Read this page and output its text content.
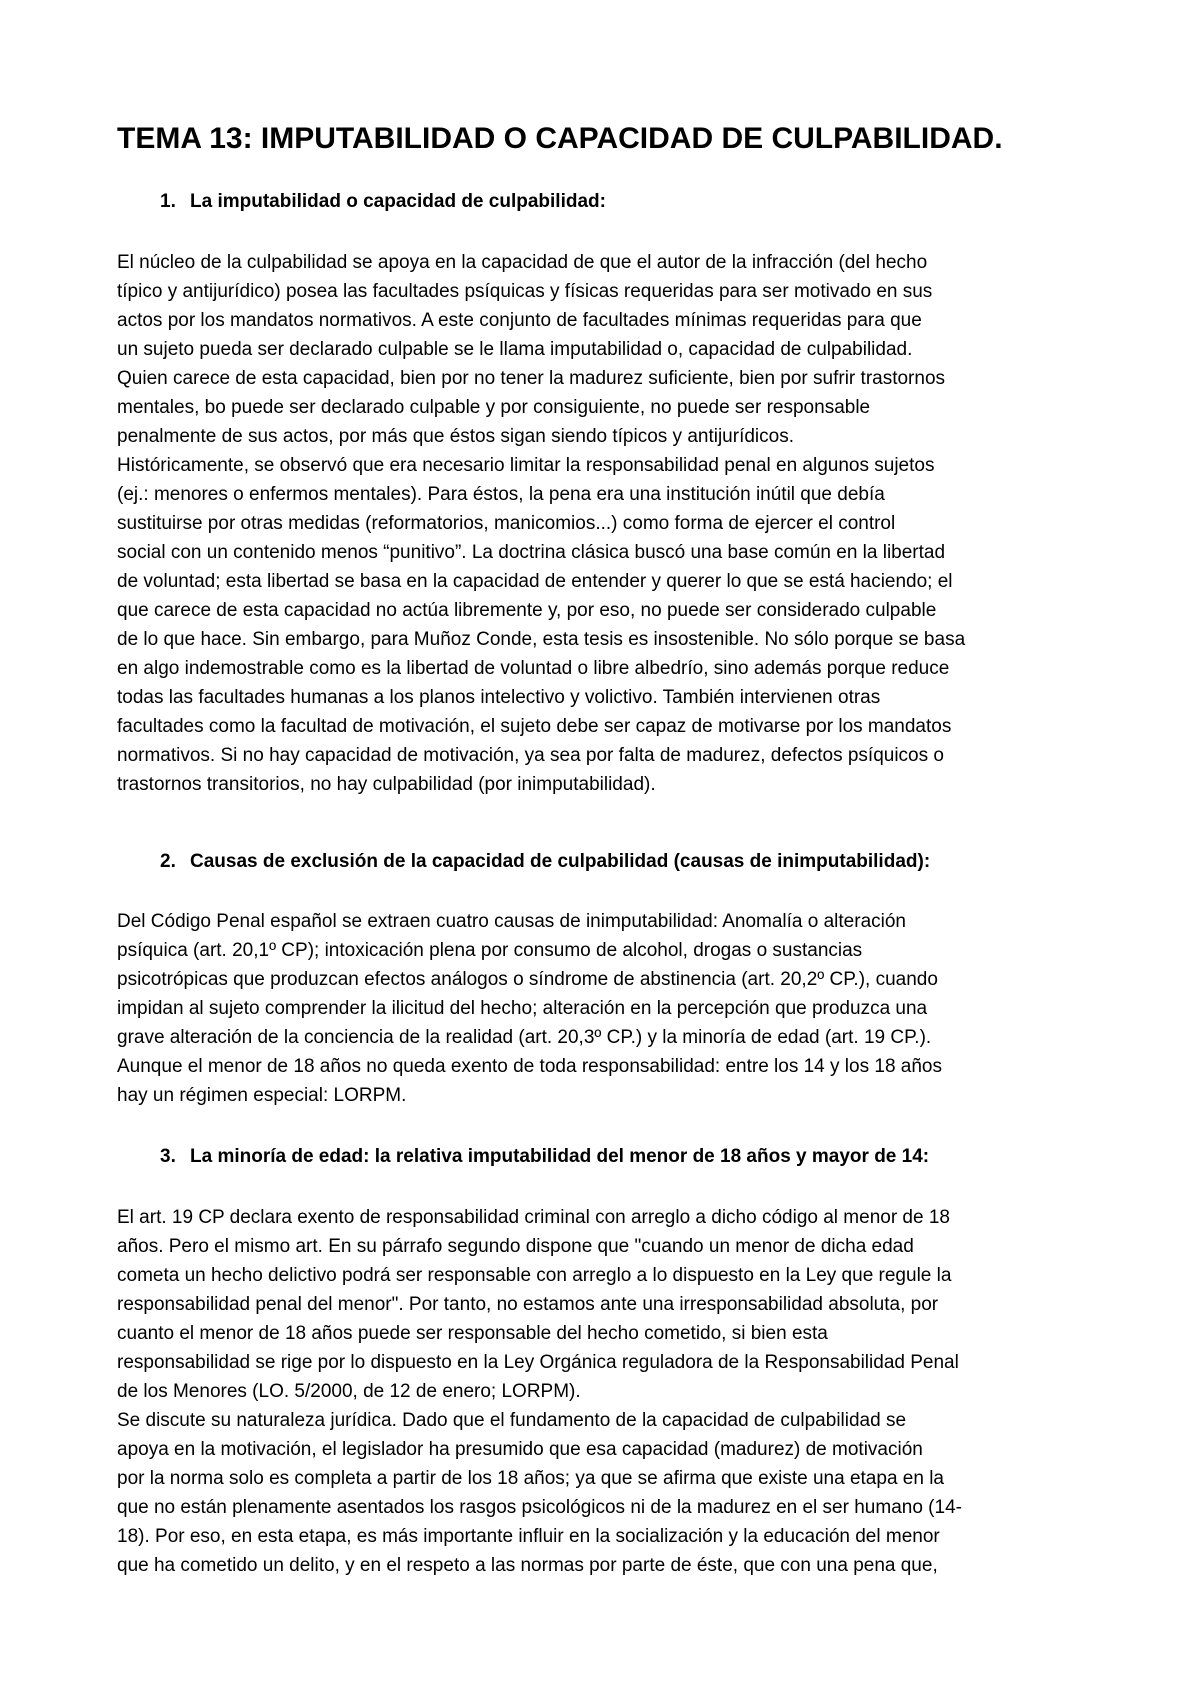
TEMA 13: IMPUTABILIDAD O CAPACIDAD DE CULPABILIDAD.
1. La imputabilidad o capacidad de culpabilidad:
El núcleo de la culpabilidad se apoya en la capacidad de que el autor de la infracción (del hecho
típico y antijurídico) posea las facultades psíquicas y físicas requeridas para ser motivado en sus
actos por los mandatos normativos. A este conjunto de facultades mínimas requeridas para que
un sujeto pueda ser declarado culpable se le llama imputabilidad o, capacidad de culpabilidad.
Quien carece de esta capacidad, bien por no tener la madurez suficiente, bien por sufrir trastornos
mentales, bo puede ser declarado culpable y por consiguiente, no puede ser responsable
penalmente de sus actos, por más que éstos sigan siendo típicos y antijurídicos.
Históricamente, se observó que era necesario limitar la responsabilidad penal en algunos sujetos
(ej.: menores o enfermos mentales). Para éstos, la pena era una institución inútil que debía
sustituirse por otras medidas (reformatorios, manicomios...) como forma de ejercer el control
social con un contenido menos “punitivo”. La doctrina clásica buscó una base común en la libertad
de voluntad; esta libertad se basa en la capacidad de entender y querer lo que se está haciendo; el
que carece de esta capacidad no actúa libremente y, por eso, no puede ser considerado culpable
de lo que hace. Sin embargo, para Muñoz Conde, esta tesis es insostenible. No sólo porque se basa
en algo indemostrable como es la libertad de voluntad o libre albedrío, sino además porque reduce
todas las facultades humanas a los planos intelectivo y volictivo. También intervienen otras
facultades como la facultad de motivación, el sujeto debe ser capaz de motivarse por los mandatos
normativos. Si no hay capacidad de motivación, ya sea por falta de madurez, defectos psíquicos o
trastornos transitorios, no hay culpabilidad (por inimputabilidad).
2. Causas de exclusión de la capacidad de culpabilidad (causas de inimputabilidad):
Del Código Penal español se extraen cuatro causas de inimputabilidad: Anomalía o alteración
psíquica (art. 20,1º CP); intoxicación plena por consumo de alcohol, drogas o sustancias
psicotrópicas que produzcan efectos análogos o síndrome de abstinencia (art. 20,2º CP.), cuando
impidan al sujeto comprender la ilicitud del hecho; alteración en la percepción que produzca una
grave alteración de la conciencia de la realidad (art. 20,3º CP.) y la minoría de edad (art. 19 CP.).
Aunque el menor de 18 años no queda exento de toda responsabilidad: entre los 14 y los 18 años
hay un régimen especial: LORPM.
3. La minoría de edad: la relativa imputabilidad del menor de 18 años y mayor de 14:
El art. 19 CP declara exento de responsabilidad criminal con arreglo a dicho código al menor de 18
años. Pero el mismo art. En su párrafo segundo dispone que "cuando un menor de dicha edad
cometa un hecho delictivo podrá ser responsable con arreglo a lo dispuesto en la Ley que regule la
responsabilidad penal del menor". Por tanto, no estamos ante una irresponsabilidad absoluta, por
cuanto el menor de 18 años puede ser responsable del hecho cometido, si bien esta
responsabilidad se rige por lo dispuesto en la Ley Orgánica reguladora de la Responsabilidad Penal
de los Menores (LO. 5/2000, de 12 de enero; LORPM).
Se discute su naturaleza jurídica. Dado que el fundamento de la capacidad de culpabilidad se
apoya en la motivación, el legislador ha presumido que esa capacidad (madurez) de motivación
por la norma solo es completa a partir de los 18 años; ya que se afirma que existe una etapa en la
que no están plenamente asentados los rasgos psicológicos ni de la madurez en el ser humano (14-
18). Por eso, en esta etapa, es más importante influir en la socialización y la educación del menor
que ha cometido un delito, y en el respeto a las normas por parte de éste, que con una pena que,
